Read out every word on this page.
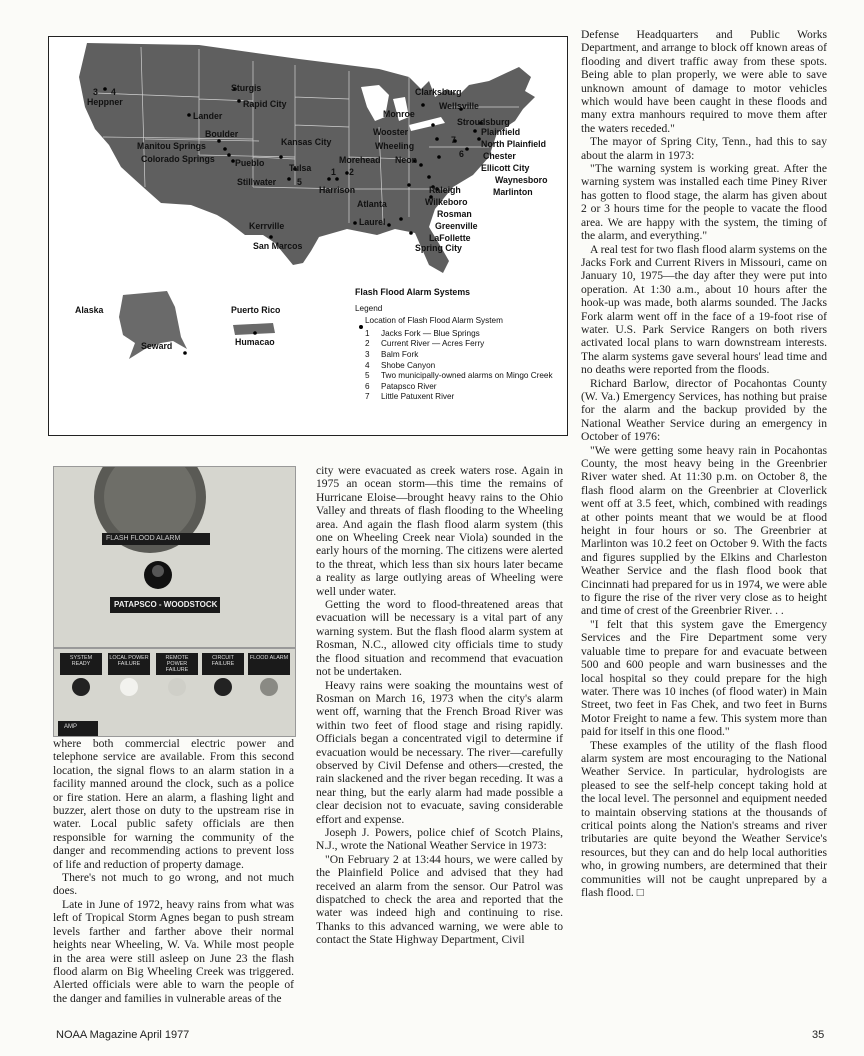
3 4
Heppner
Sturgis
Rapid City
Lander
Boulder
Manitou Springs
Colorado Springs Pueblo
Kansas City
Tulsa
Stillwater 5
1 2
Harrison
Kerrville
San Marcos
Clarksburg
Wellsville
Monroe
Stroudsburg
Plainfield
Wooster
North Plainfield
Wheeling
7
6 Chester
Morehead Neon
Ellicott City
Waynesboro
Marlinton
Raleigh
Wilkeboro
Atlanta
Rosman
Greenville
LaFollette
Spring City
Laurel
Alaska	Puerto Rico
Seward	Humacao
Flash Flood Alarm Systems
Legend
Location of Flash Flood Alarm System
1	Jacks Fork — Blue Springs
2	Current River — Acres Ferry
3	Balm Fork
4	Shobe Canyon
5	Two municipally-owned alarms on Mingo Creek
6	Patapsco River
7	Little Patuxent River
FLASH FLOOD ALARM
PATAPSCO - WOODSTOCK
SYSTEM READY
LOCAL POWER FAILURE
REMOTE POWER FAILURE
CIRCUIT FAILURE
FLOOD ALARM
AMP

where both commercial electric power and telephone service are available. From this second location, the signal flows to an alarm station in a facility manned around the clock, such as a police or fire station. Here an alarm, a flashing light and buzzer, alert those on duty to the upstream rise in water. Local public safety officials are then responsible for warning the community of the danger and recommending actions to prevent loss of life and reduction of property damage.

There's not much to go wrong, and not much does.

Late in June of 1972, heavy rains from what was left of Tropical Storm Agnes began to push stream levels farther and farther above their normal heights near Wheeling, W. Va. While most people in the area were still asleep on June 23 the flash flood alarm on Big Wheeling Creek was triggered. Alerted officials were able to warn the people of the danger and families in vulnerable areas of the

city were evacuated as creek waters rose. Again in 1975 an ocean storm—this time the remains of Hurricane Eloise—brought heavy rains to the Ohio Valley and threats of flash flooding to the Wheeling area. And again the flash flood alarm system (this one on Wheeling Creek near Viola) sounded in the early hours of the morning. The citizens were alerted to the threat, which less than six hours later became a reality as large outlying areas of Wheeling were well under water.

Getting the word to flood-threatened areas that evacuation will be necessary is a vital part of any warning system. But the flash flood alarm system at Rosman, N.C., allowed city officials time to study the flood situation and recommend that evacuation not be undertaken.

Heavy rains were soaking the mountains west of Rosman on March 16, 1973 when the city's alarm went off, warning that the French Broad River was within two feet of flood stage and rising rapidly. Officials began a concentrated vigil to determine if evacuation would be necessary. The river—carefully observed by Civil Defense and others—crested, the rain slackened and the river began receding. It was a near thing, but the early alarm had made possible a clear decision not to evacuate, saving considerable effort and expense.

Joseph J. Powers, police chief of Scotch Plains, N.J., wrote the National Weather Service in 1973:

"On February 2 at 13:44 hours, we were called by the Plainfield Police and advised that they had received an alarm from the sensor. Our Patrol was dispatched to check the area and reported that the water was indeed high and continuing to rise. Thanks to this advanced warning, we were able to contact the State Highway Department, Civil

Defense Headquarters and Public Works Department, and arrange to block off known areas of flooding and divert traffic away from these spots. Being able to plan properly, we were able to save unknown amount of damage to motor vehicles which would have been caught in these floods and many extra manhours required to move them after the waters receded."

The mayor of Spring City, Tenn., had this to say about the alarm in 1973:

"The warning system is working great. After the warning system was installed each time Piney River has gotten to flood stage, the alarm has given about 2 or 3 hours time for the people to vacate the flood area. We are happy with the system, the timing of the alarm, and everything."

A real test for two flash flood alarm systems on the Jacks Fork and Current Rivers in Missouri, came on January 10, 1975—the day after they were put into operation. At 1:30 a.m., about 10 hours after the hook-up was made, both alarms sounded. The Jacks Fork alarm went off in the face of a 19-foot rise of water. U.S. Park Service Rangers on both rivers activated local plans to warn downstream interests. The alarm systems gave several hours' lead time and no deaths were reported from the floods.

Richard Barlow, director of Pocahontas County (W. Va.) Emergency Services, has nothing but praise for the alarm and the backup provided by the National Weather Service during an emergency in October of 1976:

"We were getting some heavy rain in Pocahontas County, the most heavy being in the Greenbrier River water shed. At 11:30 p.m. on October 8, the flash flood alarm on the Greenbrier at Cloverlick went off at 3.5 feet, which, combined with readings at other points meant that we would be at flood height in four hours or so. The Greenbrier at Marlinton was 10.2 feet on October 9. With the facts and figures supplied by the Elkins and Charleston Weather Service and the flash flood book that Cincinnati had prepared for us in 1974, we were able to figure the rise of the river very close as to height and time of crest of the Greenbrier River. . .

"I felt that this system gave the Emergency Services and the Fire Department some very valuable time to prepare for and evacuate between 500 and 600 people and warn businesses and the local hospital so they could prepare for the high water. There was 10 inches (of flood water) in Main Street, two feet in Fas Chek, and two feet in Burns Motor Freight to name a few. This system more than paid for itself in this one flood."

These examples of the utility of the flash flood alarm system are most encouraging to the National Weather Service. In particular, hydrologists are pleased to see the self-help concept taking hold at the local level. The personnel and equipment needed to maintain observing stations at the thousands of critical points along the Nation's streams and river tributaries are quite beyond the Weather Service's resources, but they can and do help local authorities who, in growing numbers, are determined that their communities will not be caught unprepared by a flash flood. □

NOAA Magazine April 1977	35
